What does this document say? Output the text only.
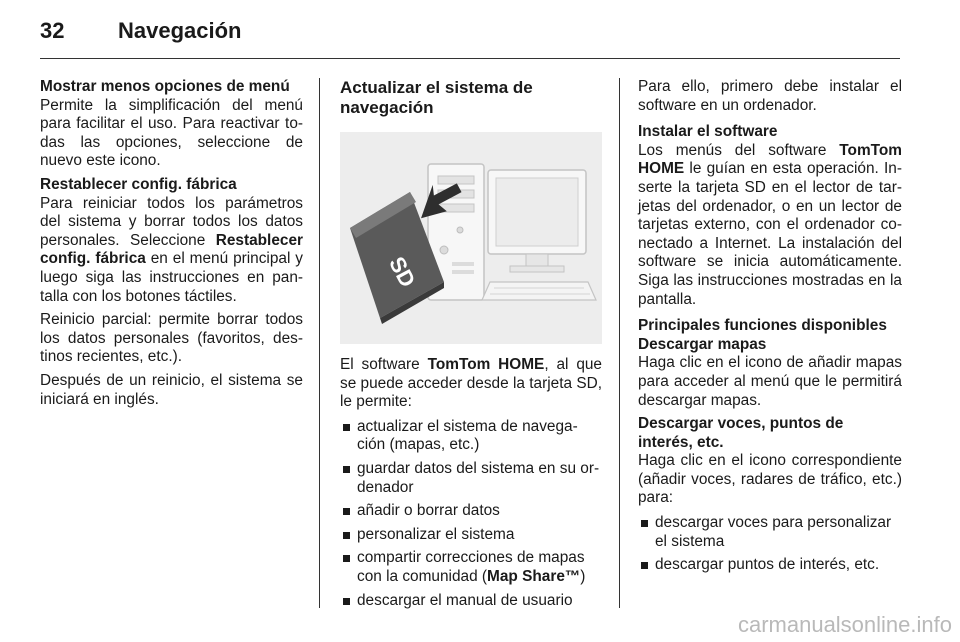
32 Navegación
Mostrar menos opciones de menú

Permite la simplificación del menú para facilitar el uso. Para reactivar to-das las opciones, seleccione de nuevo este icono.

Restablecer config. fábrica

Para reiniciar todos los parámetros del sistema y borrar todos los datos personales. Seleccione Restablecer config. fábrica en el menú principal y luego siga las instrucciones en pan-talla con los botones táctiles.

Reinicio parcial: permite borrar todos los datos personales (favoritos, des-tinos recientes, etc.).

Después de un reinicio, el sistema se iniciará en inglés.

Actualizar el sistema de navegación
SD

El software TomTom HOME, al que se puede acceder desde la tarjeta SD, le permite:

actualizar el sistema de navega-ción (mapas, etc.)
guardar datos del sistema en su or-denador
añadir o borrar datos
personalizar el sistema
compartir correcciones de mapas con la comunidad (Map Share™)
descargar el manual de usuario

Para ello, primero debe instalar el software en un ordenador.

Instalar el software

Los menús del software TomTom HOME le guían en esta operación. In-serte la tarjeta SD en el lector de tar-jetas del ordenador, o en un lector de tarjetas externo, con el ordenador co-nectado a Internet. La instalación del software se inicia automáticamente. Siga las instrucciones mostradas en la pantalla.

Principales funciones disponibles
Descargar mapas

Haga clic en el icono de añadir mapas para acceder al menú que le permitirá descargar mapas.

Descargar voces, puntos de interés, etc.

Haga clic en el icono correspondiente (añadir voces, radares de tráfico, etc.) para:

descargar voces para personalizar el sistema
descargar puntos de interés, etc.
carmanualsonline.info
